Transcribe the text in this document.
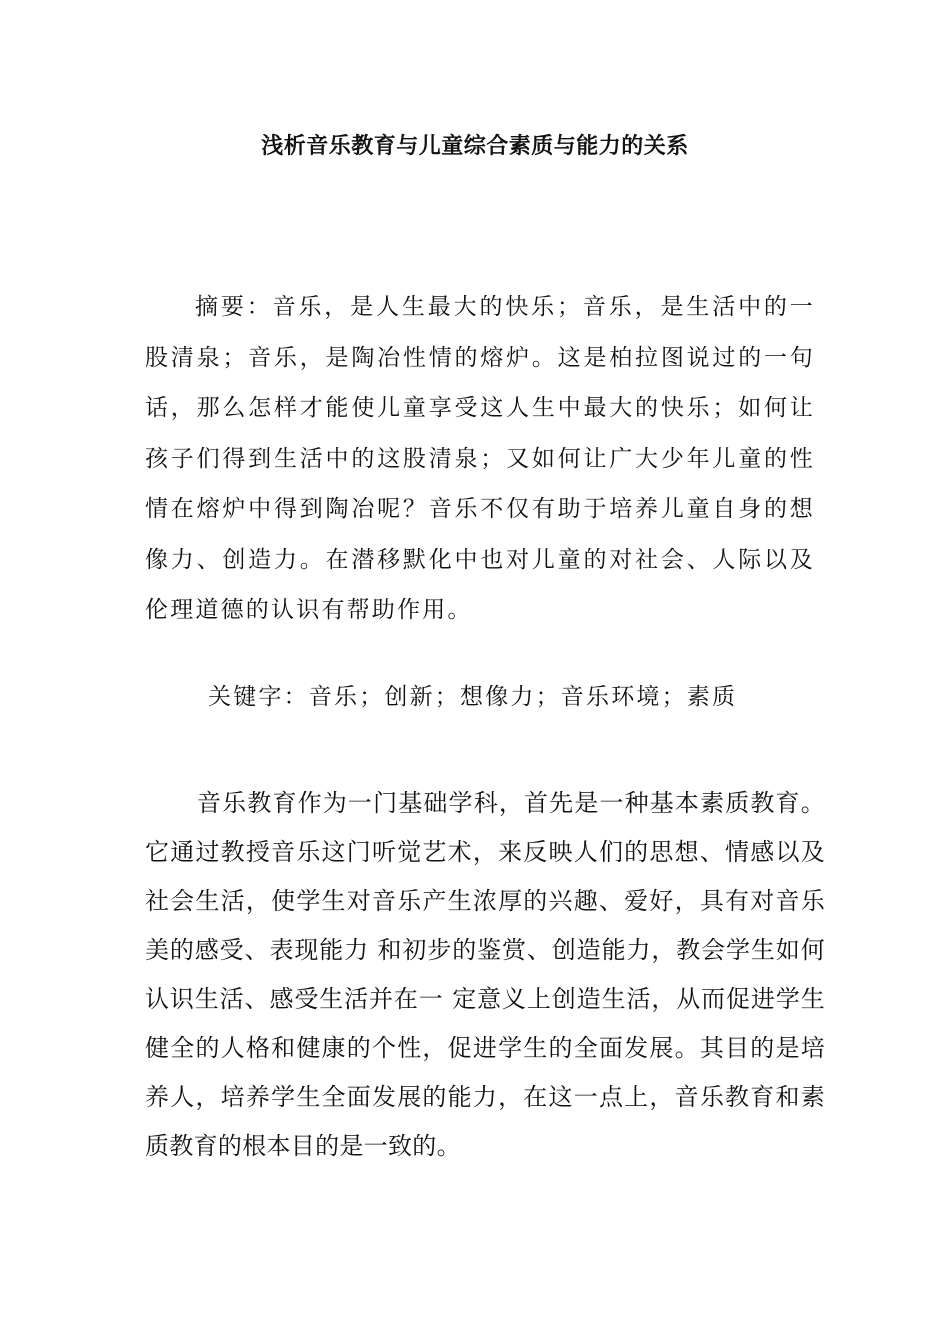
浅析音乐教育与儿童综合素质与能力的关系

摘要：音乐，是人生最大的快乐；音乐，是生活中的一股清泉；音乐，是陶冶性情的熔炉。这是柏拉图说过的一句话，那么怎样才能使儿童享受这人生中最大的快乐；如何让孩子们得到生活中的这股清泉；又如何让广大少年儿童的性情在熔炉中得到陶冶呢？音乐不仅有助于培养儿童自身的想像力、创造力。在潜移默化中也对儿童的对社会、人际以及伦理道德的认识有帮助作用。

关键字：音乐；创新；想像力；音乐环境；素质

音乐教育作为一门基础学科，首先是一种基本素质教育。它通过教授音乐这门听觉艺术，来反映人们的思想、情感以及社会生活，使学生对音乐产生浓厚的兴趣、爱好，具有对音乐美的感受、表现能力 和初步的鉴赏、创造能力，教会学生如何认识生活、感受生活并在一 定意义上创造生活，从而促进学生健全的人格和健康的个性，促进学生的全面发展。其目的是培养人，培养学生全面发展的能力，在这一点上，音乐教育和素质教育的根本目的是一致的。
